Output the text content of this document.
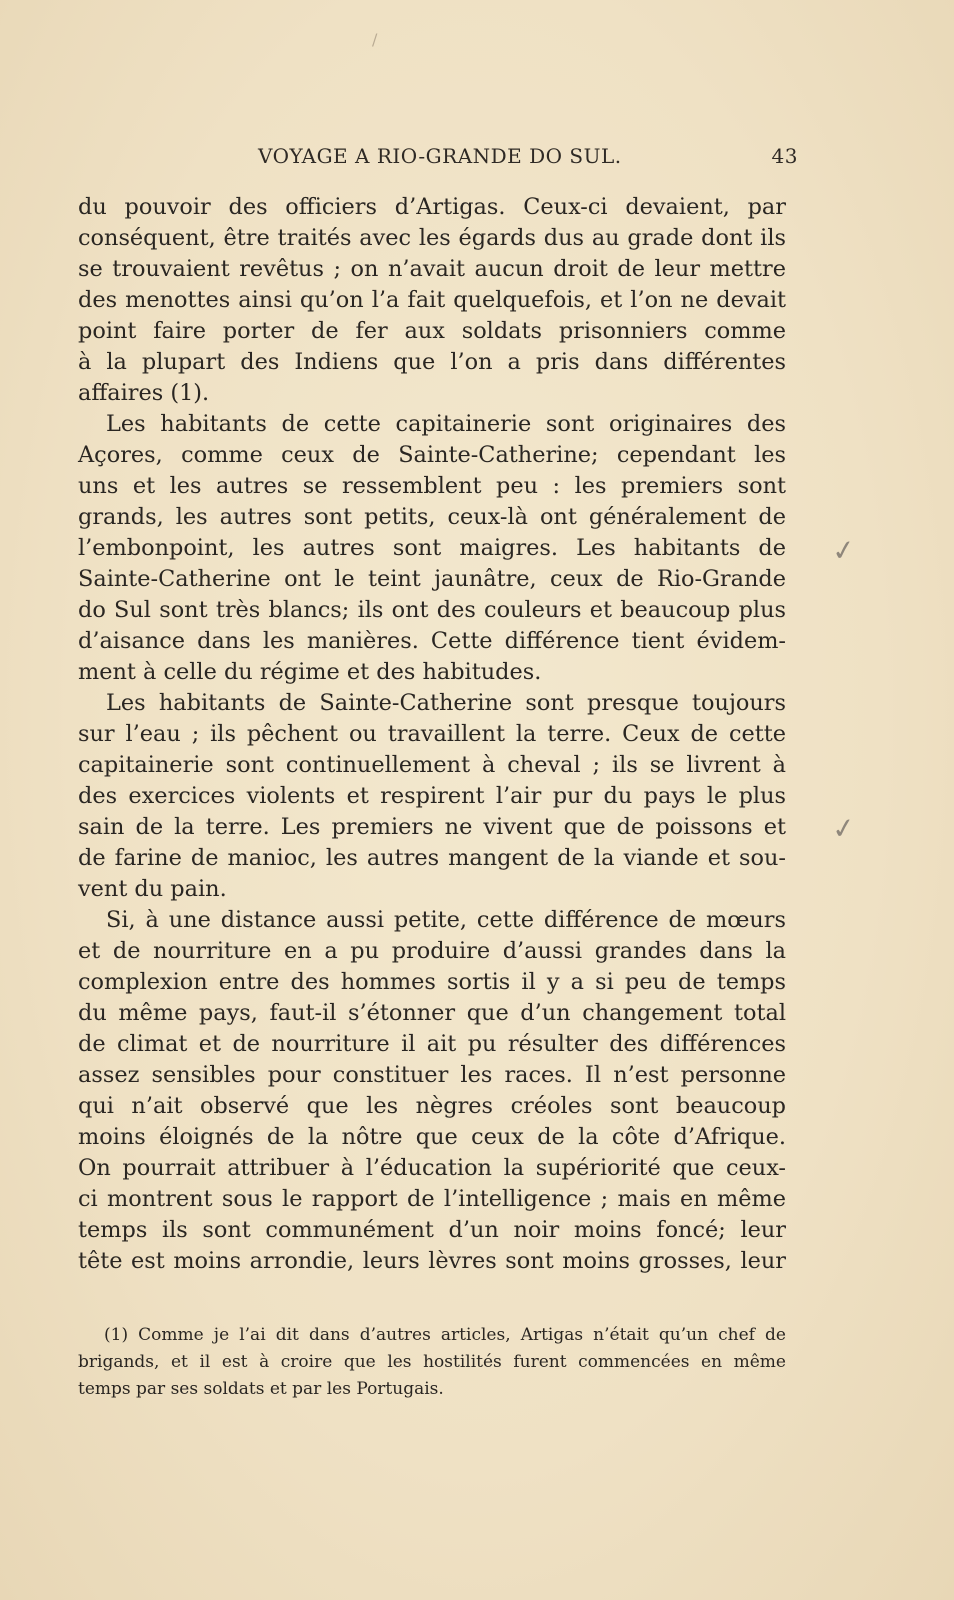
/
VOYAGE A RIO-GRANDE DO SUL.	43
du pouvoir des officiers d’Artigas. Ceux-ci devaient, par
conséquent, être traités avec les égards dus au grade dont ils
se trouvaient revêtus ; on n’avait aucun droit de leur mettre
des menottes ainsi qu’on l’a fait quelquefois, et l’on ne devait
point faire porter de fer aux soldats prisonniers comme
à la plupart des Indiens que l’on a pris dans différentes
affaires (1).
Les habitants de cette capitainerie sont originaires des
Açores, comme ceux de Sainte-Catherine; cependant les
uns et les autres se ressemblent peu : les premiers sont
grands, les autres sont petits, ceux-là ont généralement de
l’embonpoint, les autres sont maigres. Les habitants de
Sainte-Catherine ont le teint jaunâtre, ceux de Rio-Grande
do Sul sont très blancs; ils ont des couleurs et beaucoup plus
d’aisance dans les manières. Cette différence tient évidem-
ment à celle du régime et des habitudes.
Les habitants de Sainte-Catherine sont presque toujours
sur l’eau ; ils pêchent ou travaillent la terre. Ceux de cette
capitainerie sont continuellement à cheval ; ils se livrent à
des exercices violents et respirent l’air pur du pays le plus
sain de la terre. Les premiers ne vivent que de poissons et
de farine de manioc, les autres mangent de la viande et sou-
vent du pain.
Si, à une distance aussi petite, cette différence de mœurs
et de nourriture en a pu produire d’aussi grandes dans la
complexion entre des hommes sortis il y a si peu de temps
du même pays, faut-il s’étonner que d’un changement total
de climat et de nourriture il ait pu résulter des différences
assez sensibles pour constituer les races. Il n’est personne
qui n’ait observé que les nègres créoles sont beaucoup
moins éloignés de la nôtre que ceux de la côte d’Afrique.
On pourrait attribuer à l’éducation la supériorité que ceux-
ci montrent sous le rapport de l’intelligence ; mais en même
temps ils sont communément d’un noir moins foncé; leur
tête est moins arrondie, leurs lèvres sont moins grosses, leur
✓
✓
(1) Comme je l’ai dit dans d’autres articles, Artigas n’était qu’un chef de
brigands, et il est à croire que les hostilités furent commencées en même
temps par ses soldats et par les Portugais.
